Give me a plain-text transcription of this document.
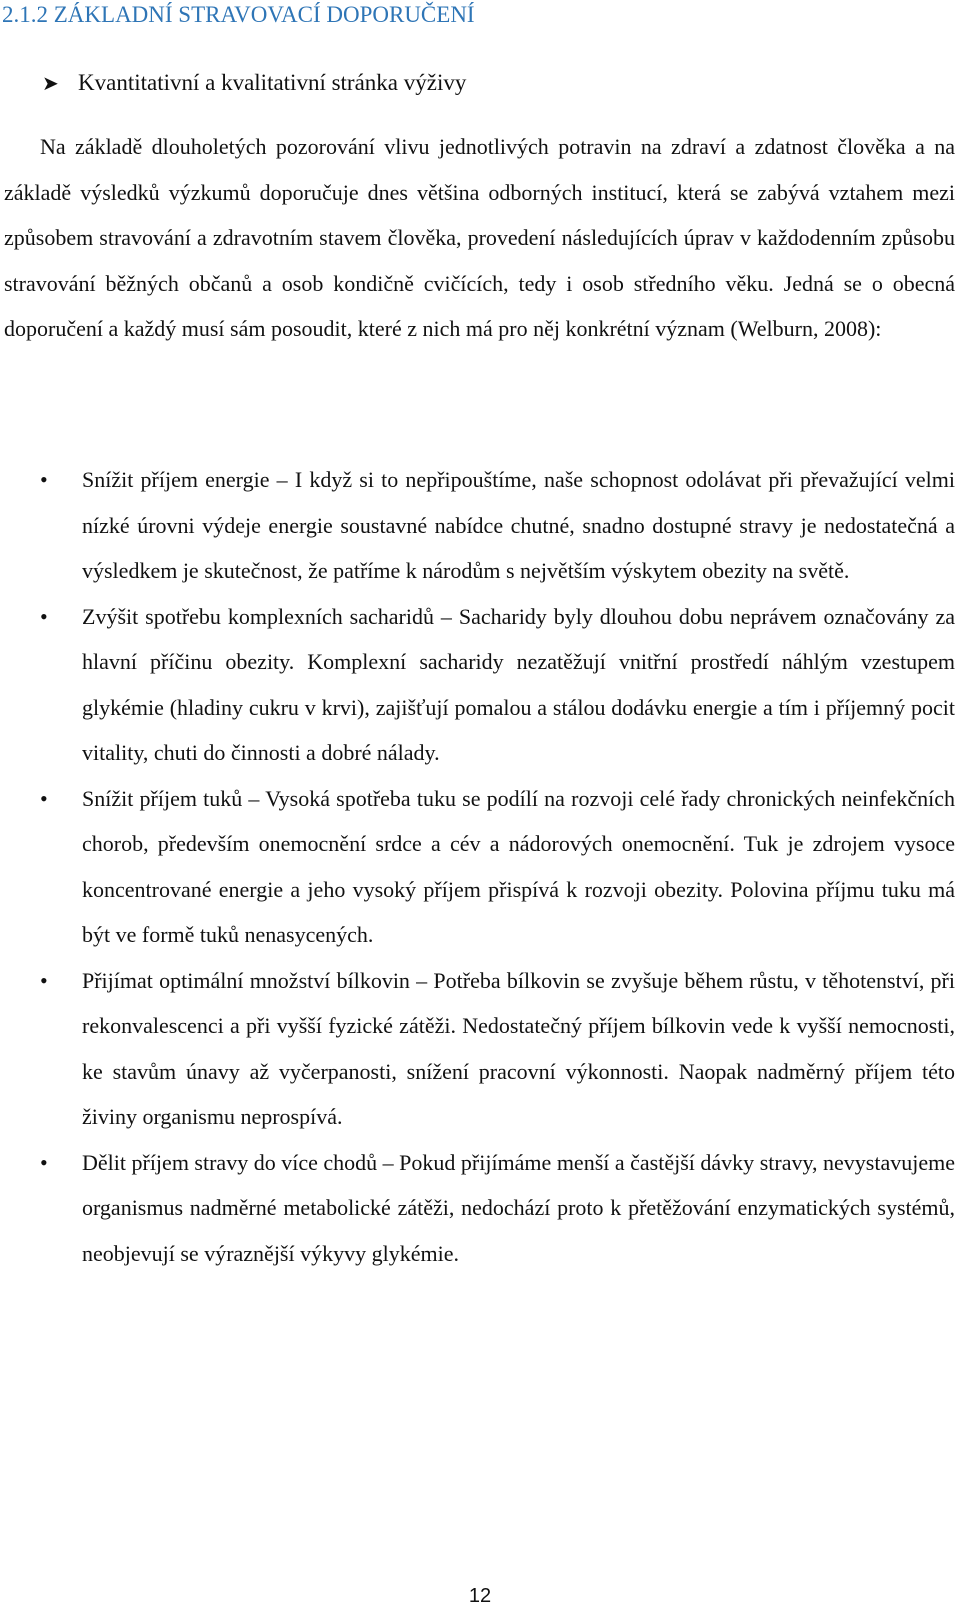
2.1.2 ZÁKLADNÍ STRAVOVACÍ DOPORUČENÍ
➤ Kvantitativní a kvalitativní stránka výživy

Na základě dlouholetých pozorování vlivu jednotlivých potravin na zdraví a zdatnost člověka a na základě výsledků výzkumů doporučuje dnes většina odborných institucí, která se zabývá vztahem mezi způsobem stravování a zdravotním stavem člověka, provedení následujících úprav v každodenním způsobu stravování běžných občanů a osob kondičně cvičících, tedy i osob středního věku. Jedná se o obecná doporučení a každý musí sám posoudit, které z nich má pro něj konkrétní význam (Welburn, 2008):

• Snížit příjem energie – I když si to nepřipouštíme, naše schopnost odolávat při převažující velmi nízké úrovni výdeje energie soustavné nabídce chutné, snadno dostupné stravy je nedostatečná a výsledkem je skutečnost, že patříme k národům s největším výskytem obezity na světě.
• Zvýšit spotřebu komplexních sacharidů – Sacharidy byly dlouhou dobu neprávem označovány za hlavní příčinu obezity. Komplexní sacharidy nezatěžují vnitřní prostředí náhlým vzestupem glykémie (hladiny cukru v krvi), zajišťují pomalou a stálou dodávku energie a tím i příjemný pocit vitality, chuti do činnosti a dobré nálady.
• Snížit příjem tuků – Vysoká spotřeba tuku se podílí na rozvoji celé řady chronických neinfekčních chorob, především onemocnění srdce a cév a nádorových onemocnění. Tuk je zdrojem vysoce koncentrované energie a jeho vysoký příjem přispívá k rozvoji obezity. Polovina příjmu tuku má být ve formě tuků nenasycených.
• Přijímat optimální množství bílkovin – Potřeba bílkovin se zvyšuje během růstu, v těhotenství, při rekonvalescenci a při vyšší fyzické zátěži. Nedostatečný příjem bílkovin vede k vyšší nemocnosti, ke stavům únavy až vyčerpanosti, snížení pracovní výkonnosti. Naopak nadměrný příjem této živiny organismu neprospívá.
• Dělit příjem stravy do více chodů – Pokud přijímáme menší a častější dávky stravy, nevystavujeme organismus nadměrné metabolické zátěži, nedochází proto k přetěžování enzymatických systémů, neobjevují se výraznější výkyvy glykémie.
12
